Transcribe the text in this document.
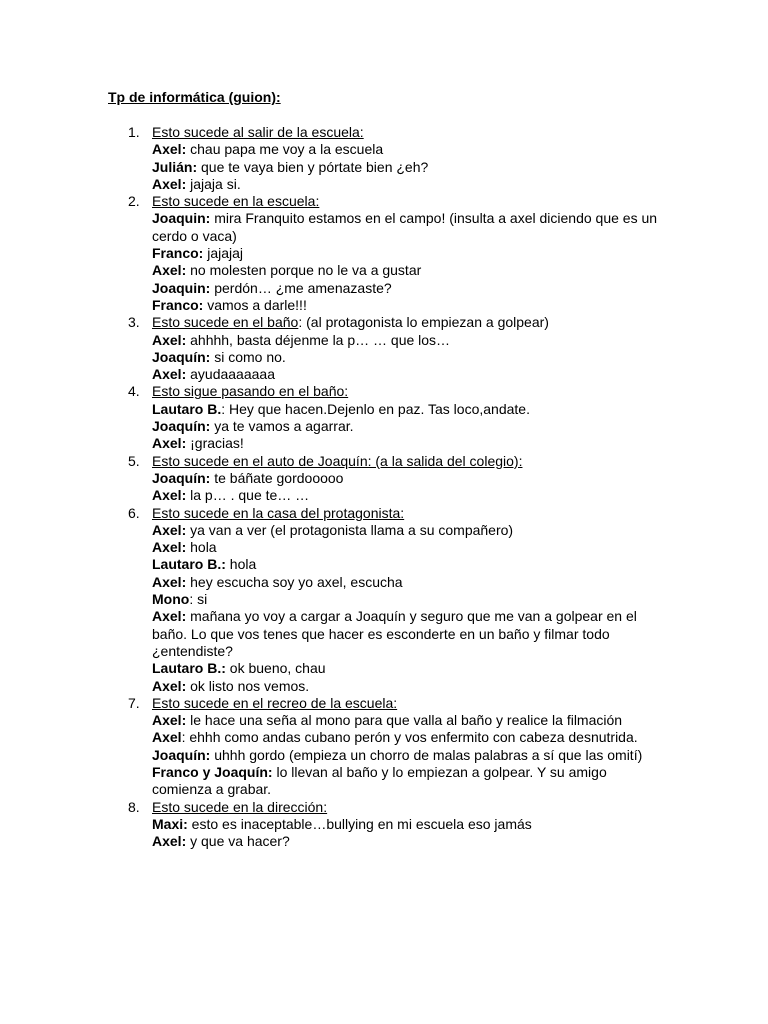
Tp de informática (guion):
1. Esto sucede al salir de la escuela:
Axel: chau papa me voy a la escuela
Julián: que te vaya bien y pórtate bien ¿eh?
Axel: jajaja si.
2. Esto sucede en la escuela:
Joaquin: mira Franquito estamos en el campo! (insulta a axel diciendo que es un cerdo o vaca)
Franco: jajajaj
Axel: no molesten porque no le va a gustar
Joaquin: perdón… ¿me amenazaste?
Franco: vamos a darle!!!
3. Esto sucede en el baño: (al protagonista lo empiezan a golpear)
Axel: ahhhh, basta déjenme la p… … que los…
Joaquín: si como no.
Axel: ayudaaaaaaa
4. Esto sigue pasando en el baño:
Lautaro B.: Hey que hacen.Dejenlo en paz. Tas loco,andate.
Joaquín: ya te vamos a agarrar.
Axel: ¡gracias!
5. Esto sucede en el auto de Joaquín: (a la salida del colegio):
Joaquín: te báñate gordooooo
Axel: la p… . que te… …
6. Esto sucede en la casa del protagonista:
Axel: ya van a ver (el protagonista llama a su compañero)
Axel: hola
Lautaro B.: hola
Axel: hey escucha soy yo axel, escucha
Mono: si
Axel: mañana yo voy a cargar a Joaquín y seguro que me van a golpear en el baño. Lo que vos tenes que hacer es esconderte en un baño y filmar todo ¿entendiste?
Lautaro B.: ok bueno, chau
Axel: ok listo nos vemos.
7. Esto sucede en el recreo de la escuela:
Axel: le hace una seña al mono para que valla al baño y realice la filmación
Axel: ehhh como andas cubano perón y vos enfermito con cabeza desnutrida.
Joaquín: uhhh gordo (empieza un chorro de malas palabras a sí que las omití)
Franco y Joaquín: lo llevan al baño y lo empiezan a golpear. Y su amigo comienza a grabar.
8. Esto sucede en la dirección:
Maxi: esto es inaceptable…bullying en mi escuela eso jamás
Axel: y que va hacer?
